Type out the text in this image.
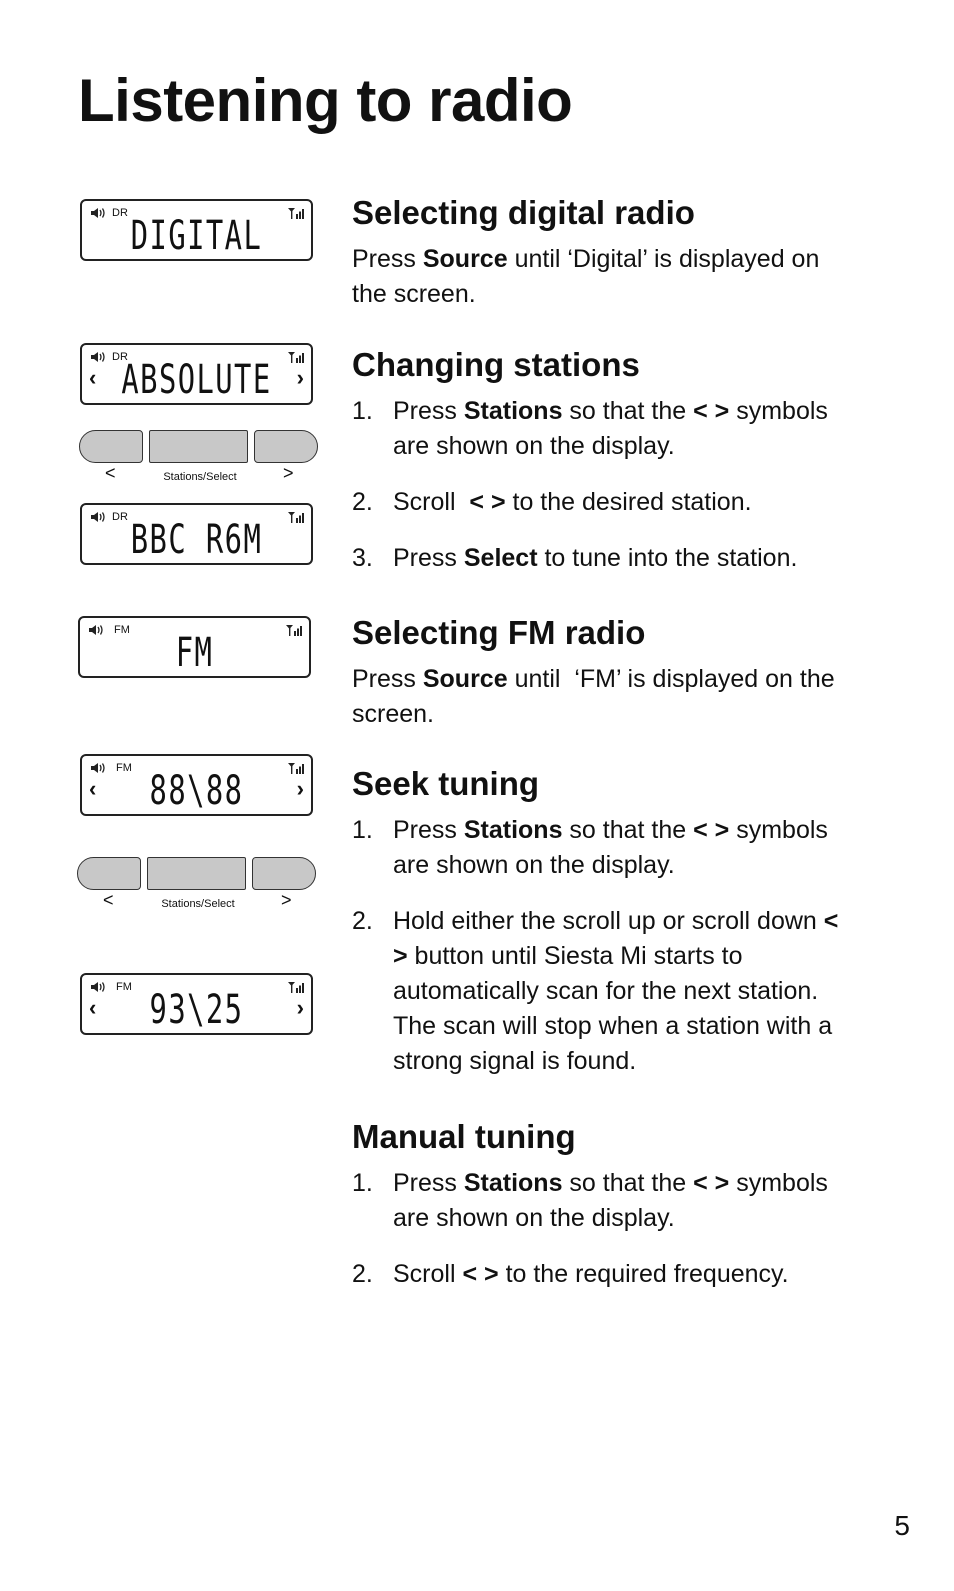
Listening to radio
DR DIGITAL
DR
‹ ABSOLUTE	›
<	Stations/Select	>
DR BBC R6M
FM	FM
FM
‹	88\88	›
<	Stations/Select	>
FM
‹	93\25	›
Selecting digital radio

Press Source until ‘Digital’ is displayed on the screen.

Changing stations
1. Press Stations so that the < > symbols are shown on the display.
2. Scroll  < > to the desired station.
3. Press Select to tune into the station.
Selecting FM radio

Press Source until  ‘FM’ is displayed on the screen.

Seek tuning
1. Press Stations so that the < > symbols are shown on the display.
2. Hold either the scroll up or scroll down < > button until Siesta Mi starts to automatically scan for the next station. The scan will stop when a station with a strong signal is found.
Manual tuning
1. Press Stations so that the < > symbols are shown on the display.
2. Scroll < > to the required frequency.
5
